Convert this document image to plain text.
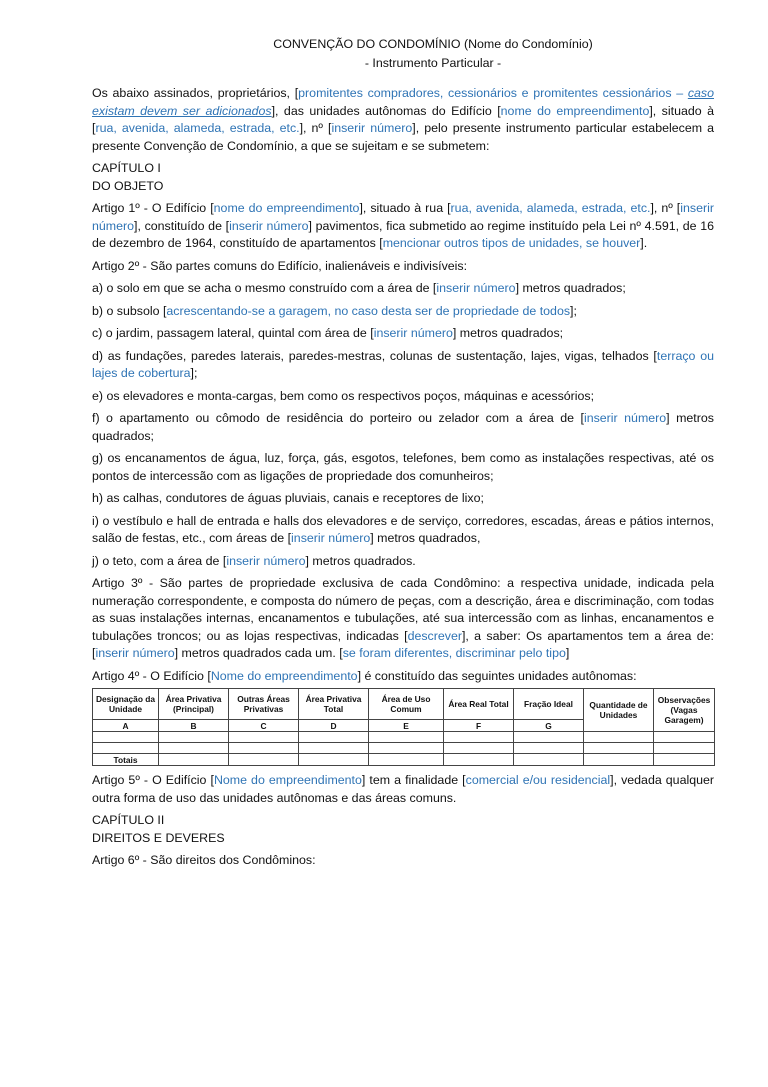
CONVENÇÃO DO CONDOMÍNIO (Nome do Condomínio)
- Instrumento Particular -

Os abaixo assinados, proprietários, [promitentes compradores, cessionários e promitentes cessionários – caso existam devem ser adicionados], das unidades autônomas do Edifício [nome do empreendimento], situado à [rua, avenida, alameda, estrada, etc.], nº [inserir número], pelo presente instrumento particular estabelecem a presente Convenção de Condomínio, a que se sujeitam e se submetem:

CAPÍTULO I
DO OBJETO

Artigo 1º - O Edifício [nome do empreendimento], situado à rua [rua, avenida, alameda, estrada, etc.], nº [inserir número], constituído de [inserir número] pavimentos, fica submetido ao regime instituído pela Lei nº 4.591, de 16 de dezembro de 1964, constituído de apartamentos [mencionar outros tipos de unidades, se houver].

Artigo 2º - São partes comuns do Edifício, inalienáveis e indivisíveis:

a) o solo em que se acha o mesmo construído com a área de [inserir número] metros quadrados;

b) o subsolo [acrescentando-se a garagem, no caso desta ser de propriedade de todos];

c) o jardim, passagem lateral, quintal com área de [inserir número] metros quadrados;

d) as fundações, paredes laterais, paredes-mestras, colunas de sustentação, lajes, vigas, telhados [terraço ou lajes de cobertura];

e) os elevadores e monta-cargas, bem como os respectivos poços, máquinas e acessórios;

f) o apartamento ou cômodo de residência do porteiro ou zelador com a área de [inserir número] metros quadrados;

g) os encanamentos de água, luz, força, gás, esgotos, telefones, bem como as instalações respectivas, até os pontos de intercessão com as ligações de propriedade dos comunheiros;

h) as calhas, condutores de águas pluviais, canais e receptores de lixo;

i) o vestíbulo e hall de entrada e halls dos elevadores e de serviço, corredores, escadas, áreas e pátios internos, salão de festas, etc., com áreas de [inserir número] metros quadrados,

j) o teto, com a área de [inserir número] metros quadrados.

Artigo 3º - São partes de propriedade exclusiva de cada Condômino: a respectiva unidade, indicada pela numeração correspondente, e composta do número de peças, com a descrição, área e discriminação, com todas as suas instalações internas, encanamentos e tubulações, até sua intercessão com as linhas, encanamentos e tubulações troncos; ou as lojas respectivas, indicadas [descrever], a saber: Os apartamentos tem a área de: [inserir número] metros quadrados cada um. [se foram diferentes, discriminar pelo tipo]

Artigo 4º - O Edifício [Nome do empreendimento] é constituído das seguintes unidades autônomas:

Designação da Unidade	Área Privativa (Principal)	Outras Áreas Privativas	Área Privativa Total	Área de Uso Comum	Área Real Total	Fração Ideal	Quantidade de Unidades	Observações (Vagas Garagem)

A	B	C	D	E	F	G		

Totais								

Artigo 5º - O Edifício [Nome do empreendimento] tem a finalidade [comercial e/ou residencial], vedada qualquer outra forma de uso das unidades autônomas e das áreas comuns.

CAPÍTULO II
DIREITOS E DEVERES

Artigo 6º - São direitos dos Condôminos:
